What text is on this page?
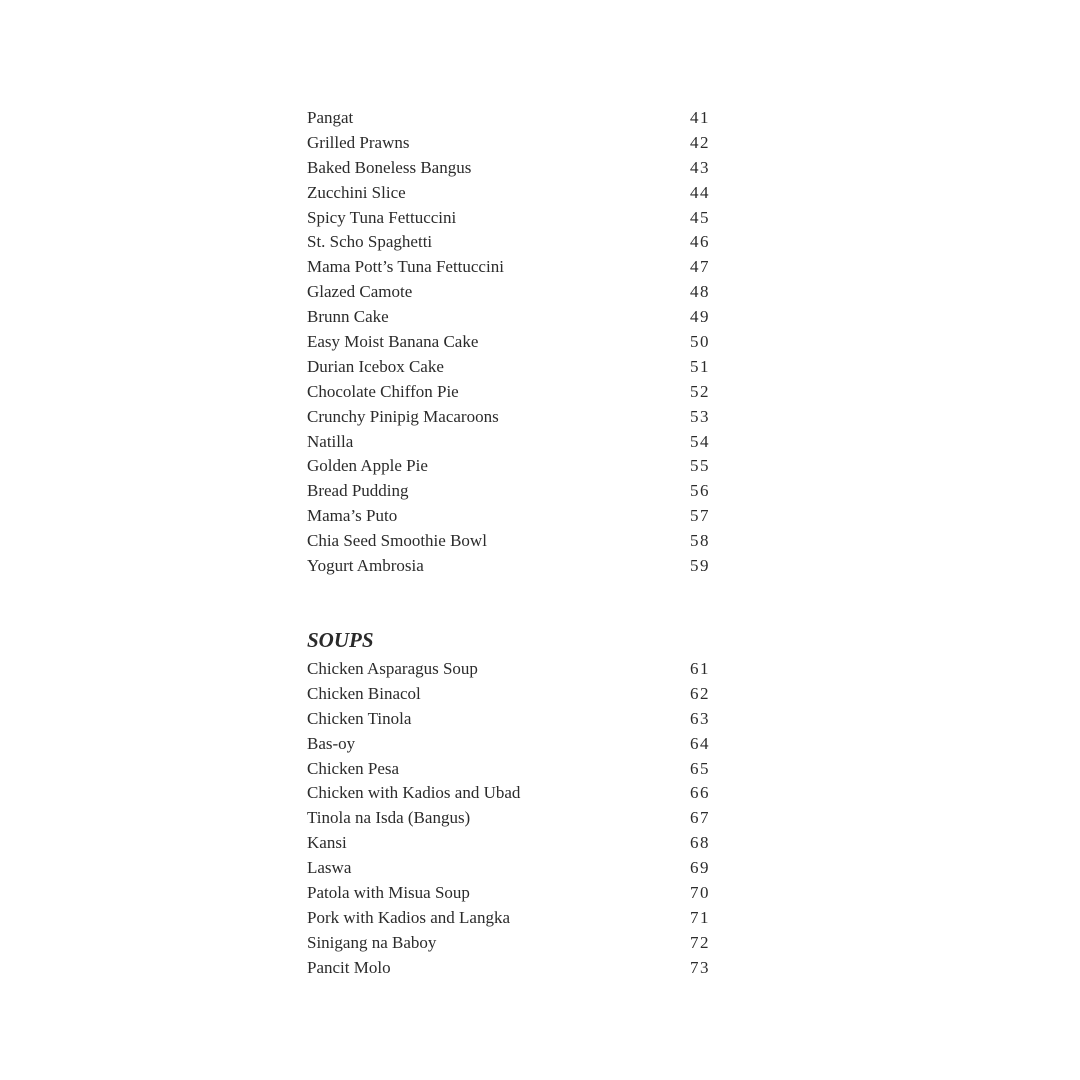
Pangat	41
Grilled Prawns	42
Baked Boneless Bangus	43
Zucchini Slice	44
Spicy Tuna Fettuccini	45
St. Scho Spaghetti	46
Mama Pott’s Tuna Fettuccini	47
Glazed Camote	48
Brunn Cake	49
Easy Moist Banana Cake	50
Durian Icebox Cake	51
Chocolate Chiffon Pie	52
Crunchy Pinipig Macaroons	53
Natilla	54
Golden Apple Pie	55
Bread Pudding	56
Mama’s Puto	57
Chia Seed Smoothie Bowl	58
Yogurt Ambrosia	59
SOUPS
Chicken Asparagus Soup	61
Chicken Binacol	62
Chicken Tinola	63
Bas-oy	64
Chicken Pesa	65
Chicken with Kadios and Ubad	66
Tinola na Isda (Bangus)	67
Kansi	68
Laswa	69
Patola with Misua Soup	70
Pork with Kadios and Langka	71
Sinigang na Baboy	72
Pancit Molo	73
